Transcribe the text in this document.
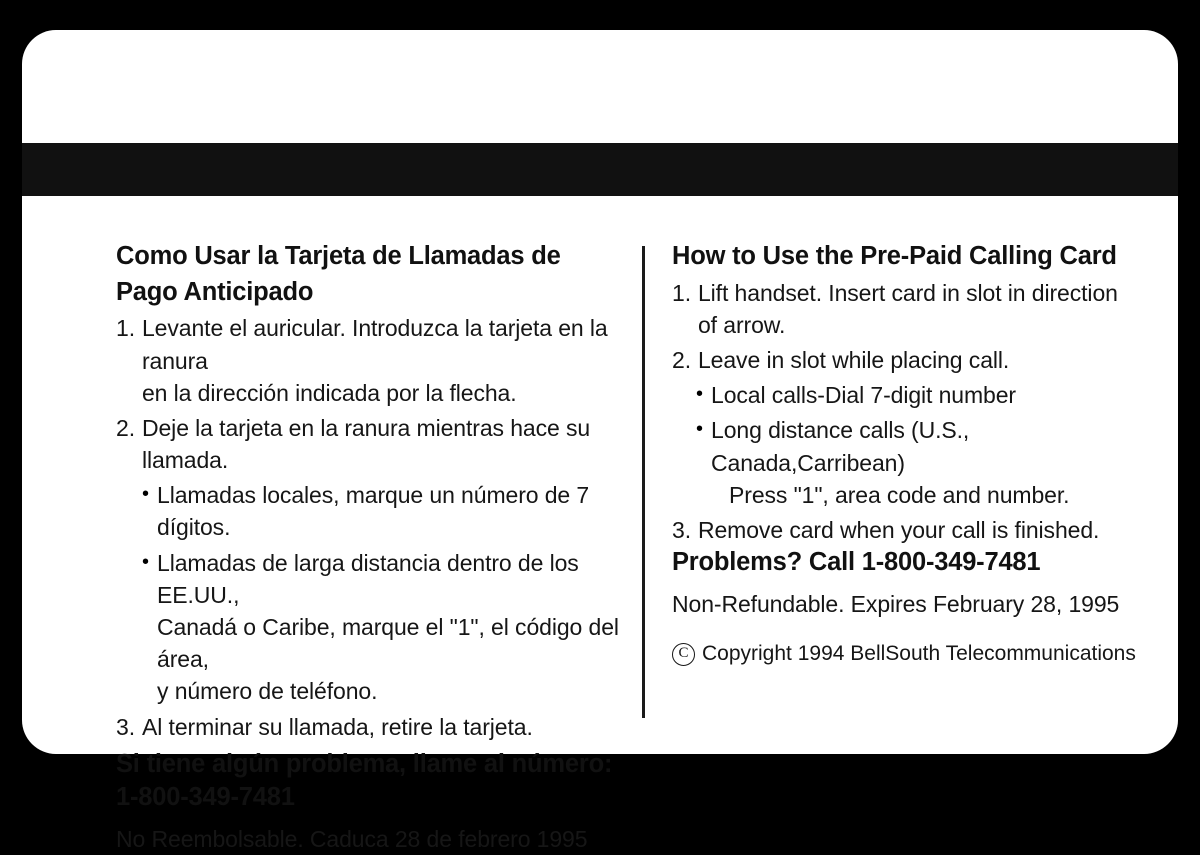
Como Usar la Tarjeta de Llamadas de
Pago Anticipado
1. Levante el auricular. Introduzca la tarjeta en la ranura

en la dirección indicada por la flecha.

2. Deje la tarjeta en la ranura mientras hace su llamada.

• Llamadas locales, marque un número de 7 dígitos.

• Llamadas de larga distancia dentro de los EE.UU.,

Canadá o Caribe, marque el "1", el código del área,

y número de teléfono.

3. Al terminar su llamada, retire la tarjeta.

Si tiene algún problema, llame al número:

1-800-349-7481

No Reembolsable. Caduca 28 de febrero 1995

How to Use the Pre-Paid Calling Card
1. Lift handset. Insert card in slot in direction

of arrow.

2. Leave in slot while placing call.

• Local calls-Dial 7-digit number

• Long distance calls (U.S., Canada,Carribean)

Press "1", area code and number.

3. Remove card when your call is finished.

Problems? Call 1-800-349-7481

Non-Refundable. Expires February 28, 1995

C Copyright 1994 BellSouth Telecommunications
